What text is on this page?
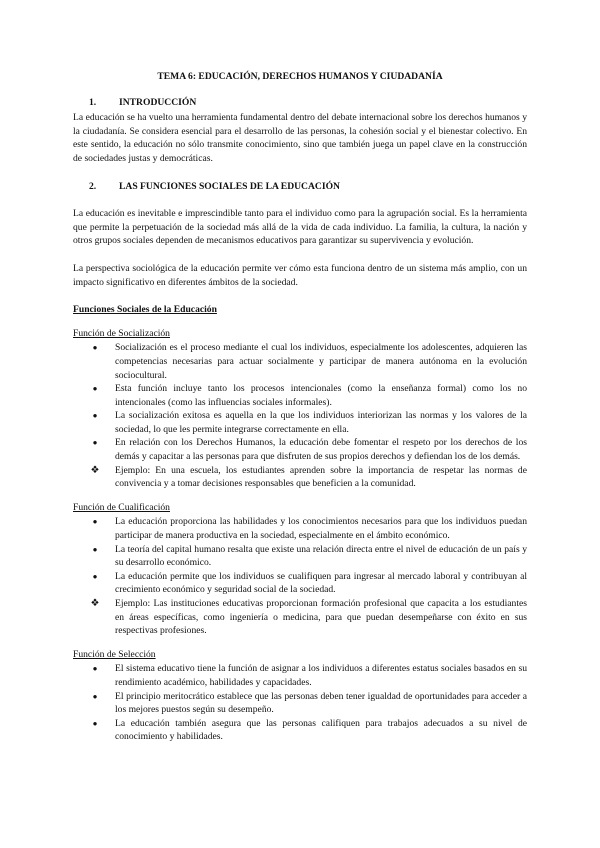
TEMA 6: EDUCACIÓN, DERECHOS HUMANOS Y CIUDADANÍA
1.	INTRODUCCIÓN

La educación se ha vuelto una herramienta fundamental dentro del debate internacional sobre los derechos humanos y la ciudadanía. Se considera esencial para el desarrollo de las personas, la cohesión social y el bienestar colectivo. En este sentido, la educación no sólo transmite conocimiento, sino que también juega un papel clave en la construcción de sociedades justas y democráticas.

2.	LAS FUNCIONES SOCIALES DE LA EDUCACIÓN

La educación es inevitable e imprescindible tanto para el individuo como para la agrupación social. Es la herramienta que permite la perpetuación de la sociedad más allá de la vida de cada individuo. La familia, la cultura, la nación y otros grupos sociales dependen de mecanismos educativos para garantizar su supervivencia y evolución.

La perspectiva sociológica de la educación permite ver cómo esta funciona dentro de un sistema más amplio, con un impacto significativo en diferentes ámbitos de la sociedad.

Funciones Sociales de la Educación
Función de Socialización
●	Socialización es el proceso mediante el cual los individuos, especialmente los adolescentes, adquieren las competencias necesarias para actuar socialmente y participar de manera autónoma en la evolución sociocultural.
●	Esta función incluye tanto los procesos intencionales (como la enseñanza formal) como los no intencionales (como las influencias sociales informales).
●	La socialización exitosa es aquella en la que los individuos interiorizan las normas y los valores de la sociedad, lo que les permite integrarse correctamente en ella.
●	En relación con los Derechos Humanos, la educación debe fomentar el respeto por los derechos de los demás y capacitar a las personas para que disfruten de sus propios derechos y defiendan los de los demás.
❖ Ejemplo: En una escuela, los estudiantes aprenden sobre la importancia de respetar las normas de convivencia y a tomar decisiones responsables que beneficien a la comunidad.
Función de Cualificación
●	La educación proporciona las habilidades y los conocimientos necesarios para que los individuos puedan participar de manera productiva en la sociedad, especialmente en el ámbito económico.
●	La teoría del capital humano resalta que existe una relación directa entre el nivel de educación de un país y su desarrollo económico.
●	La educación permite que los individuos se cualifiquen para ingresar al mercado laboral y contribuyan al crecimiento económico y seguridad social de la sociedad.
❖ Ejemplo: Las instituciones educativas proporcionan formación profesional que capacita a los estudiantes en áreas específicas, como ingeniería o medicina, para que puedan desempeñarse con éxito en sus respectivas profesiones.
Función de Selección
●	El sistema educativo tiene la función de asignar a los individuos a diferentes estatus sociales basados en su rendimiento académico, habilidades y capacidades.
●	El principio meritocrático establece que las personas deben tener igualdad de oportunidades para acceder a los mejores puestos según su desempeño.
●	La educación también asegura que las personas califiquen para trabajos adecuados a su nivel de conocimiento y habilidades.
